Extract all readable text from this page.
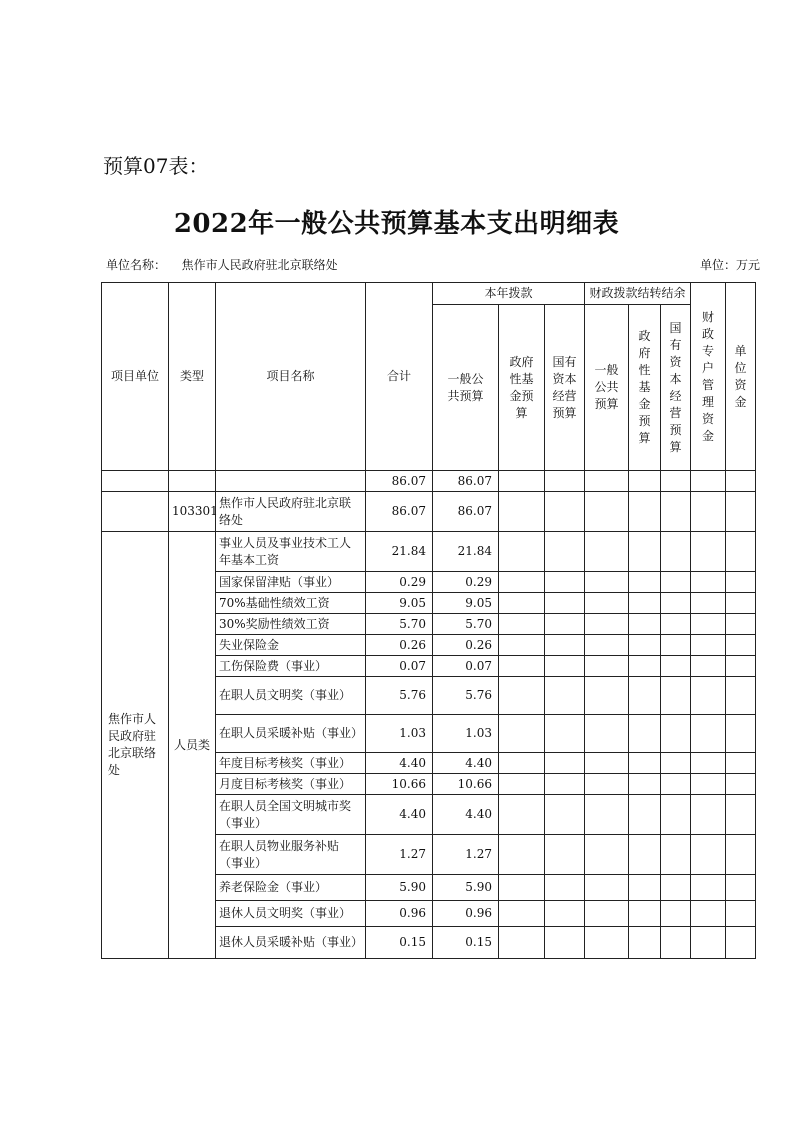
预算07表：
2022年一般公共预算基本支出明细表
单位名称： 焦作市人民政府驻北京联络处	单位：万元
项目单位	类型	项目名称	合计	本年拨款			财政拨款结转结余			财政专户管理资金	单位资金
				一般公共预算	政府性基金预算	国有资本经营预算	一般公共预算	政府性基金预算	国有资本经营预算		
			86.07	86.07							
	103301	焦作市人民政府驻北京联络处	86.07	86.07							
焦作市人民政府驻北京联络处	人员类	事业人员及事业技术工人年基本工资	21.84	21.84							
		国家保留津贴（事业）	0.29	0.29							
		70%基础性绩效工资	9.05	9.05							
		30%奖励性绩效工资	5.70	5.70							
		失业保险金	0.26	0.26							
		工伤保险费（事业）	0.07	0.07							
		在职人员文明奖（事业）	5.76	5.76							
		在职人员采暖补贴（事业）	1.03	1.03							
		年度目标考核奖（事业）	4.40	4.40							
		月度目标考核奖（事业）	10.66	10.66							
		在职人员全国文明城市奖（事业）	4.40	4.40							
		在职人员物业服务补贴（事业）	1.27	1.27							
		养老保险金（事业）	5.90	5.90							
		退休人员文明奖（事业）	0.96	0.96							
		退休人员采暖补贴（事业）	0.15	0.15							
